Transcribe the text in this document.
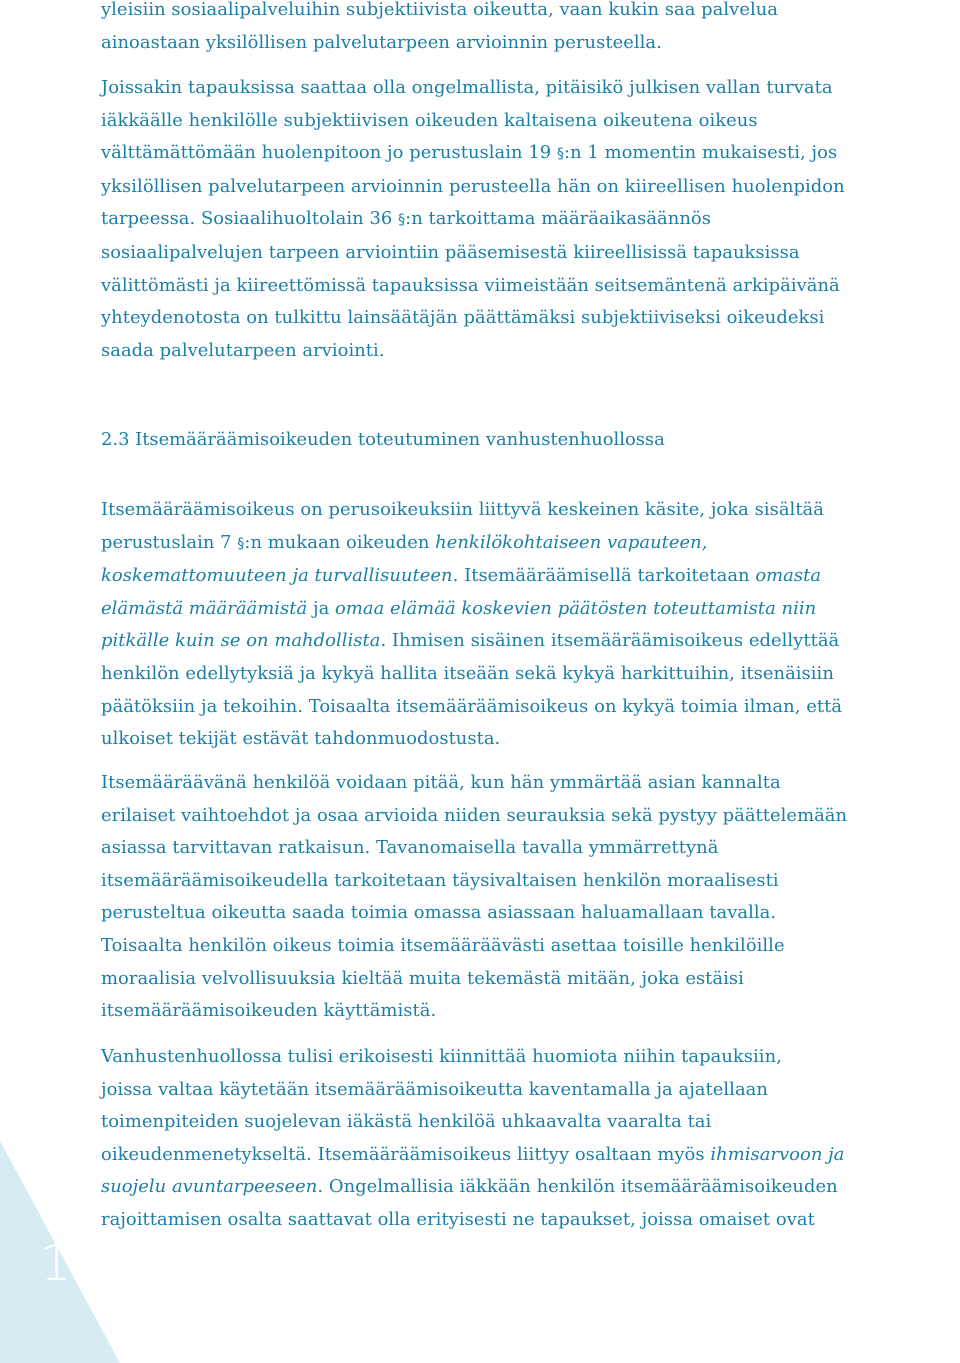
16

yleisiin sosiaalipalveluihin subjektiivista oikeutta, vaan kukin saa palvelua
ainoastaan yksilöllisen palvelutarpeen arvioinnin perusteella.

Joissakin tapauksissa saattaa olla ongelmallista, pitäisikö julkisen vallan turvata
iäkkäälle henkilölle subjektiivisen oikeuden kaltaisena oikeutena oikeus
välttämättömään huolenpitoon jo perustuslain 19 §:n 1 momentin mukaisesti, jos
yksilöllisen palvelutarpeen arvioinnin perusteella hän on kiireellisen huolenpidon
tarpeessa. Sosiaalihuoltolain 36 §:n tarkoittama määräaikasäännös
sosiaalipalvelujen tarpeen arviointiin pääsemisestä kiireellisissä tapauksissa
välittömästi ja kiireettömissä tapauksissa viimeistään seitsemäntenä arkipäivänä
yhteydenotosta on tulkittu lainsäätäjän päättämäksi subjektiiviseksi oikeudeksi
saada palvelutarpeen arviointi.

2.3 Itsemääräämisoikeuden toteutuminen vanhustenhuollossa

Itsemääräämisoikeus on perusoikeuksiin liittyvä keskeinen käsite, joka sisältää
perustuslain 7 §:n mukaan oikeuden henkilökohtaiseen vapauteen,
koskemattomuuteen ja turvallisuuteen. Itsemääräämisellä tarkoitetaan omasta
elämästä määräämistä ja omaa elämää koskevien päätösten toteuttamista niin
pitkälle kuin se on mahdollista. Ihmisen sisäinen itsemääräämisoikeus edellyttää
henkilön edellytyksiä ja kykyä hallita itseään sekä kykyä harkittuihin, itsenäisiin
päätöksiin ja tekoihin. Toisaalta itsemääräämisoikeus on kykyä toimia ilman, että
ulkoiset tekijät estävät tahdonmuodostusta.

Itsemääräävänä henkilöä voidaan pitää, kun hän ymmärtää asian kannalta
erilaiset vaihtoehdot ja osaa arvioida niiden seurauksia sekä pystyy päättelemään
asiassa tarvittavan ratkaisun. Tavanomaisella tavalla ymmärrettynä
itsemääräämisoikeudella tarkoitetaan täysivaltaisen henkilön moraalisesti
perusteltua oikeutta saada toimia omassa asiassaan haluamallaan tavalla.
Toisaalta henkilön oikeus toimia itsemääräävästi asettaa toisille henkilöille
moraalisia velvollisuuksia kieltää muita tekemästä mitään, joka estäisi
itsemääräämisoikeuden käyttämistä.

Vanhustenhuollossa tulisi erikoisesti kiinnittää huomiota niihin tapauksiin,
joissa valtaa käytetään itsemääräämisoikeutta kaventamalla ja ajatellaan
toimenpiteiden suojelevan iäkästä henkilöä uhkaavalta vaaralta tai
oikeudenmenetykseltä. Itsemääräämisoikeus liittyy osaltaan myös ihmisarvoon ja
suojelu avuntarpeeseen. Ongelmallisia iäkkään henkilön itsemääräämisoikeuden
rajoittamisen osalta saattavat olla erityisesti ne tapaukset, joissa omaiset ovat
